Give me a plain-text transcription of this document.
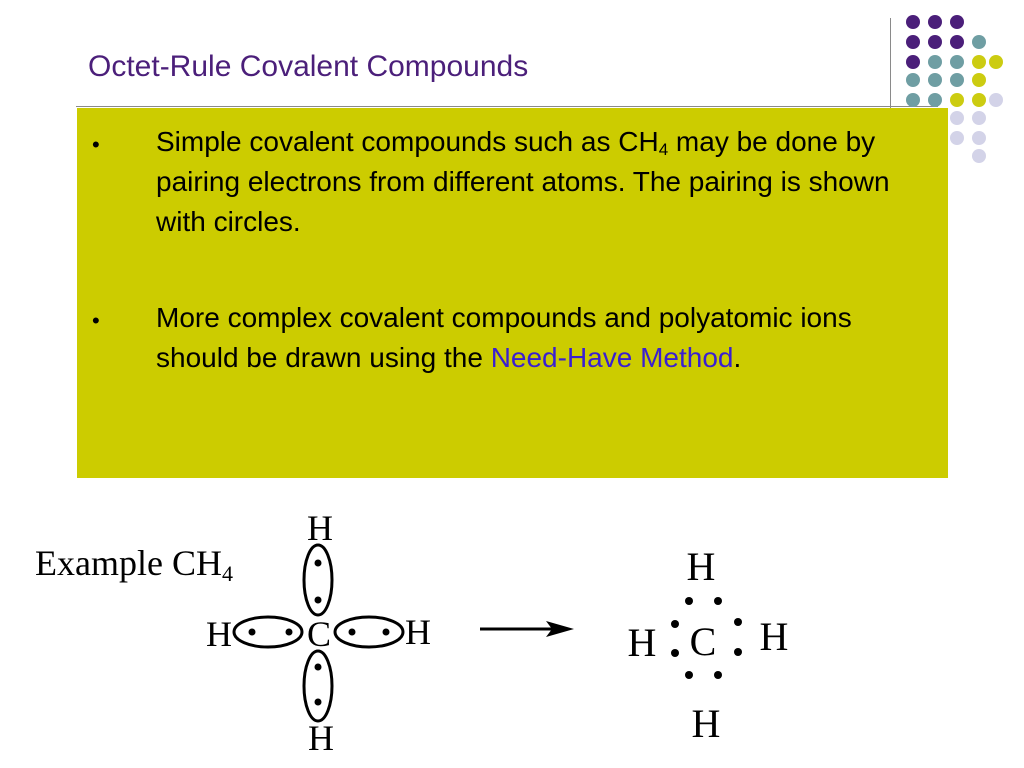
Octet-Rule Covalent Compounds
• Simple covalent compounds such as $CH_4$ may be done by pairing electrons from different atoms. The pairing is shown with circles.
• More complex covalent compounds and polyatomic ions should be drawn using the Need-Have Method.
Example $CH_4$
H
H C H
H
H
H C H
H
